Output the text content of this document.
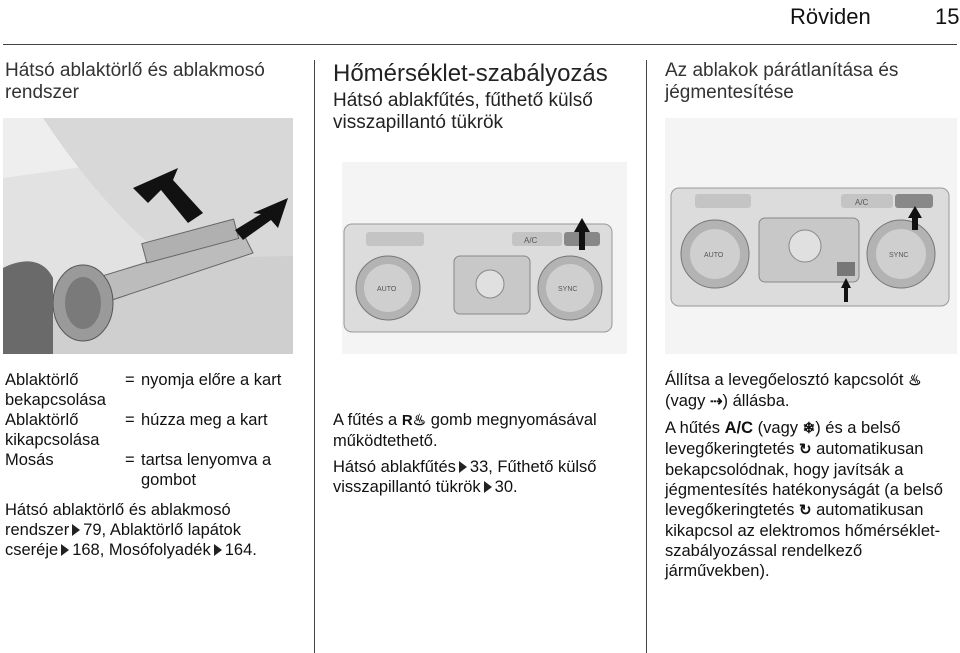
Röviden	15

Hátsó ablaktörlő és ablakmosó rendszer

Ablaktörlő bekapcsolása
= nyomja előre a kart
Ablaktörlő kikapcsolása
= húzza meg a kart
Mosás	= tartsa lenyomva a gombot

Hátsó ablaktörlő és ablakmosó rendszer 79, Ablaktörlő lapátok cseréje 168, Mosófolyadék 164.

Hőmérséklet-szabályozás

Hátsó ablakfűtés, fűthető külső visszapillantó tükrök

A/C
AUTO	SYNC

A fűtés a R♨ gomb megnyomásával működtethető.

Hátsó ablakfűtés 33, Fűthető külső visszapillantó tükrök 30.

Az ablakok párátlanítása és jégmentesítése

A/C
AUTO	SYNC

Állítsa a levegőelosztó kapcsolót ♨ (vagy ⇢) állásba.

A hűtés A/C (vagy ❄) és a belső levegőkeringtetés ↻ automatikusan bekapcsolódnak, hogy javítsák a jégmentesítés hatékonyságát (a belső levegőkeringtetés ↻ automatikusan kikapcsol az elektromos hőmérséklet-szabályozással rendelkező járművekben).
